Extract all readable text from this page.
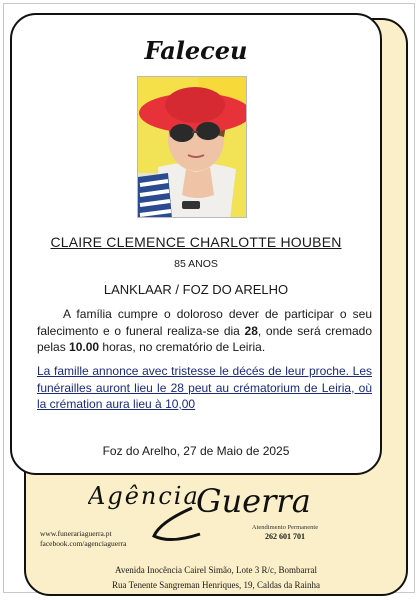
Faleceu
CLAIRE CLEMENCE CHARLOTTE HOUBEN
85 ANOS
LANKLAAR / FOZ DO ARELHO
A família cumpre o doloroso dever de participar o seu falecimento e o funeral realiza-se dia 28, onde será cremado pelas 10.00 horas, no crematório de Leiria.
La famille annonce avec tristesse le décés de leur proche. Les funérailles auront lieu le 28 peut au crématorium de Leiria, où la crémation aura lieu à 10,00
Foz do Arelho, 27 de Maio de 2025
Agência
Guerra
www.funerariaguerra.pt
facebook.com/agenciaguerra
Atendimento Permanente
262 601 701
Avenida Inocência Cairel Simão, Lote 3 R/c, Bombarral
Rua Tenente Sangreman Henriques, 19, Caldas da Rainha
